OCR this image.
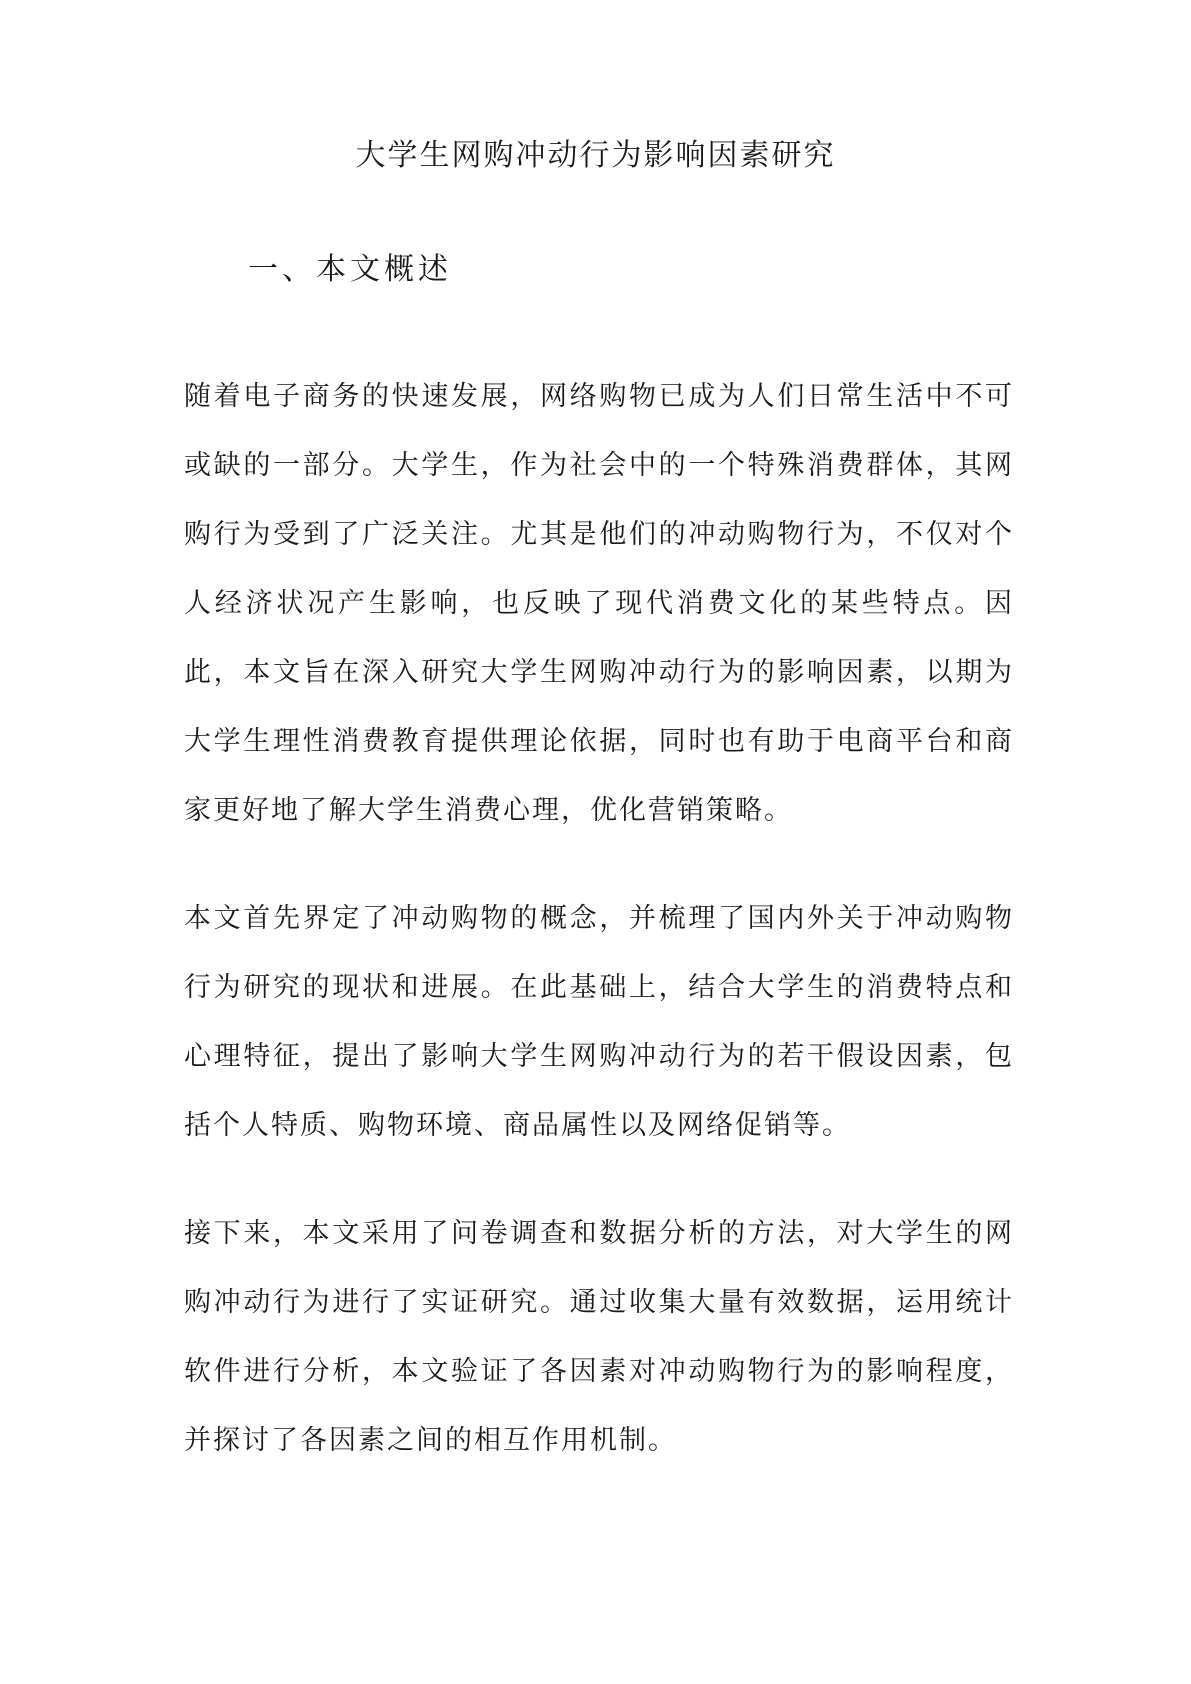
大学生网购冲动行为影响因素研究
一、本文概述

随着电子商务的快速发展，网络购物已成为人们日常生活中不可或缺的一部分。大学生，作为社会中的一个特殊消费群体，其网购行为受到了广泛关注。尤其是他们的冲动购物行为，不仅对个人经济状况产生影响，也反映了现代消费文化的某些特点。因此，本文旨在深入研究大学生网购冲动行为的影响因素，以期为大学生理性消费教育提供理论依据，同时也有助于电商平台和商家更好地了解大学生消费心理，优化营销策略。

本文首先界定了冲动购物的概念，并梳理了国内外关于冲动购物行为研究的现状和进展。在此基础上，结合大学生的消费特点和心理特征，提出了影响大学生网购冲动行为的若干假设因素，包括个人特质、购物环境、商品属性以及网络促销等。

接下来，本文采用了问卷调查和数据分析的方法，对大学生的网购冲动行为进行了实证研究。通过收集大量有效数据，运用统计软件进行分析，本文验证了各因素对冲动购物行为的影响程度，并探讨了各因素之间的相互作用机制。
